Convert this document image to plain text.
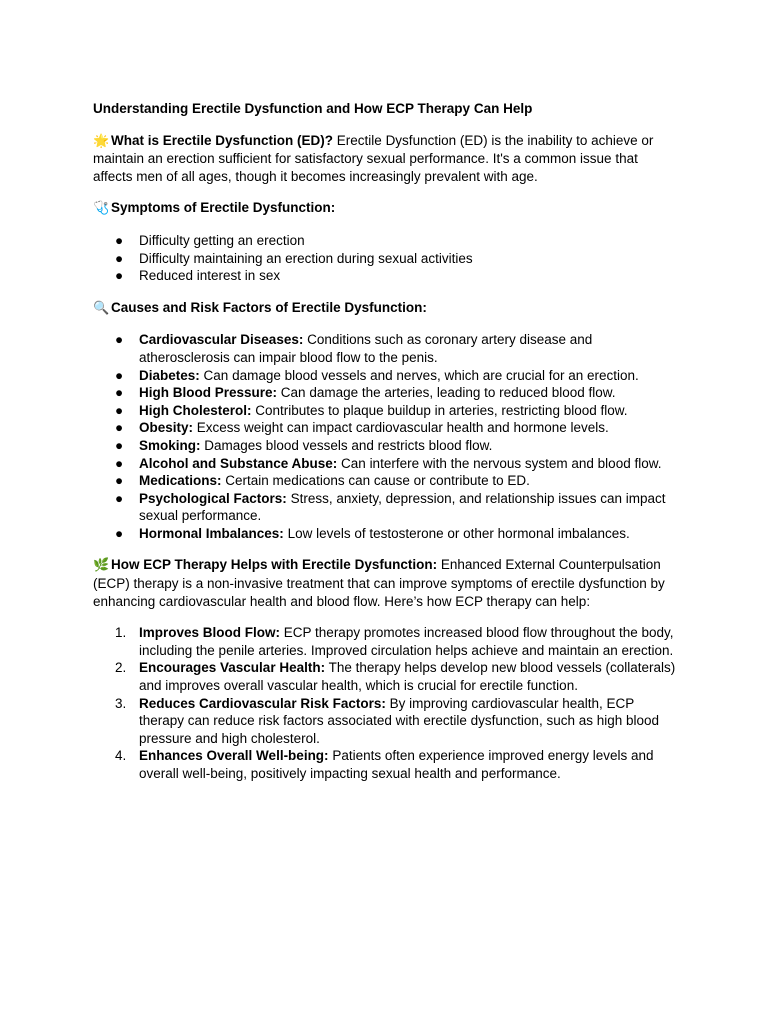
Understanding Erectile Dysfunction and How ECP Therapy Can Help
🌟 What is Erectile Dysfunction (ED)? Erectile Dysfunction (ED) is the inability to achieve or maintain an erection sufficient for satisfactory sexual performance. It's a common issue that affects men of all ages, though it becomes increasingly prevalent with age.
🩺 Symptoms of Erectile Dysfunction:
● Difficulty getting an erection
● Difficulty maintaining an erection during sexual activities
● Reduced interest in sex
🔍 Causes and Risk Factors of Erectile Dysfunction:
● Cardiovascular Diseases: Conditions such as coronary artery disease and atherosclerosis can impair blood flow to the penis.
● Diabetes: Can damage blood vessels and nerves, which are crucial for an erection.
● High Blood Pressure: Can damage the arteries, leading to reduced blood flow.
● High Cholesterol: Contributes to plaque buildup in arteries, restricting blood flow.
● Obesity: Excess weight can impact cardiovascular health and hormone levels.
● Smoking: Damages blood vessels and restricts blood flow.
● Alcohol and Substance Abuse: Can interfere with the nervous system and blood flow.
● Medications: Certain medications can cause or contribute to ED.
● Psychological Factors: Stress, anxiety, depression, and relationship issues can impact sexual performance.
● Hormonal Imbalances: Low levels of testosterone or other hormonal imbalances.
🌿 How ECP Therapy Helps with Erectile Dysfunction: Enhanced External Counterpulsation (ECP) therapy is a non-invasive treatment that can improve symptoms of erectile dysfunction by enhancing cardiovascular health and blood flow. Here’s how ECP therapy can help:
1. Improves Blood Flow: ECP therapy promotes increased blood flow throughout the body, including the penile arteries. Improved circulation helps achieve and maintain an erection.
2. Encourages Vascular Health: The therapy helps develop new blood vessels (collaterals) and improves overall vascular health, which is crucial for erectile function.
3. Reduces Cardiovascular Risk Factors: By improving cardiovascular health, ECP therapy can reduce risk factors associated with erectile dysfunction, such as high blood pressure and high cholesterol.
4. Enhances Overall Well-being: Patients often experience improved energy levels and overall well-being, positively impacting sexual health and performance.
